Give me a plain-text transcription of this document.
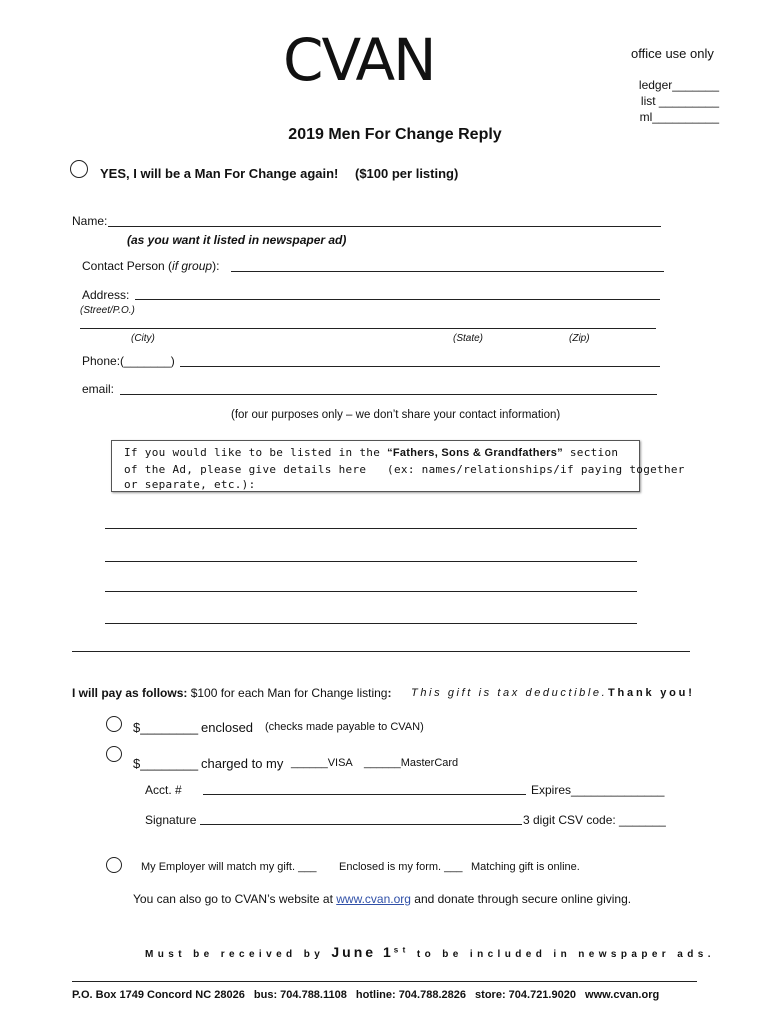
CVAN	office use only
ledger_______
list _________
ml__________
2019 Men For Change Reply
YES, I will be a Man For Change again! ($100 per listing)
Name:
(as you want it listed in newspaper ad)
Contact Person (if group):
Address:
(Street/P.O.)
(City)	(State)	(Zip)
Phone:(_______)
email:
(for our purposes only – we don’t share your contact information)
If you would like to be listed in the “Fathers, Sons & Grandfathers” section
of the Ad, please give details here   (ex: names/relationships/if paying together
or separate, etc.):
I will pay as follows: $100 for each Man for Change listing: This gift is tax deductible. Thank you!
$________ enclosed (checks made payable to CVAN)
$________ charged to my ______VISA ______MasterCard
Acct. #	Expires______________
Signature	3 digit CSV code: _______
My Employer will match my gift. ___ Enclosed is my form. ___ Matching gift is online.
You can also go to CVAN’s website at www.cvan.org and donate through secure online giving.
Must be received by June 1st to be included in newspaper ads.
P.O. Box 1749 Concord NC 28026 bus: 704.788.1108 hotline: 704.788.2826 store: 704.721.9020 www.cvan.org
